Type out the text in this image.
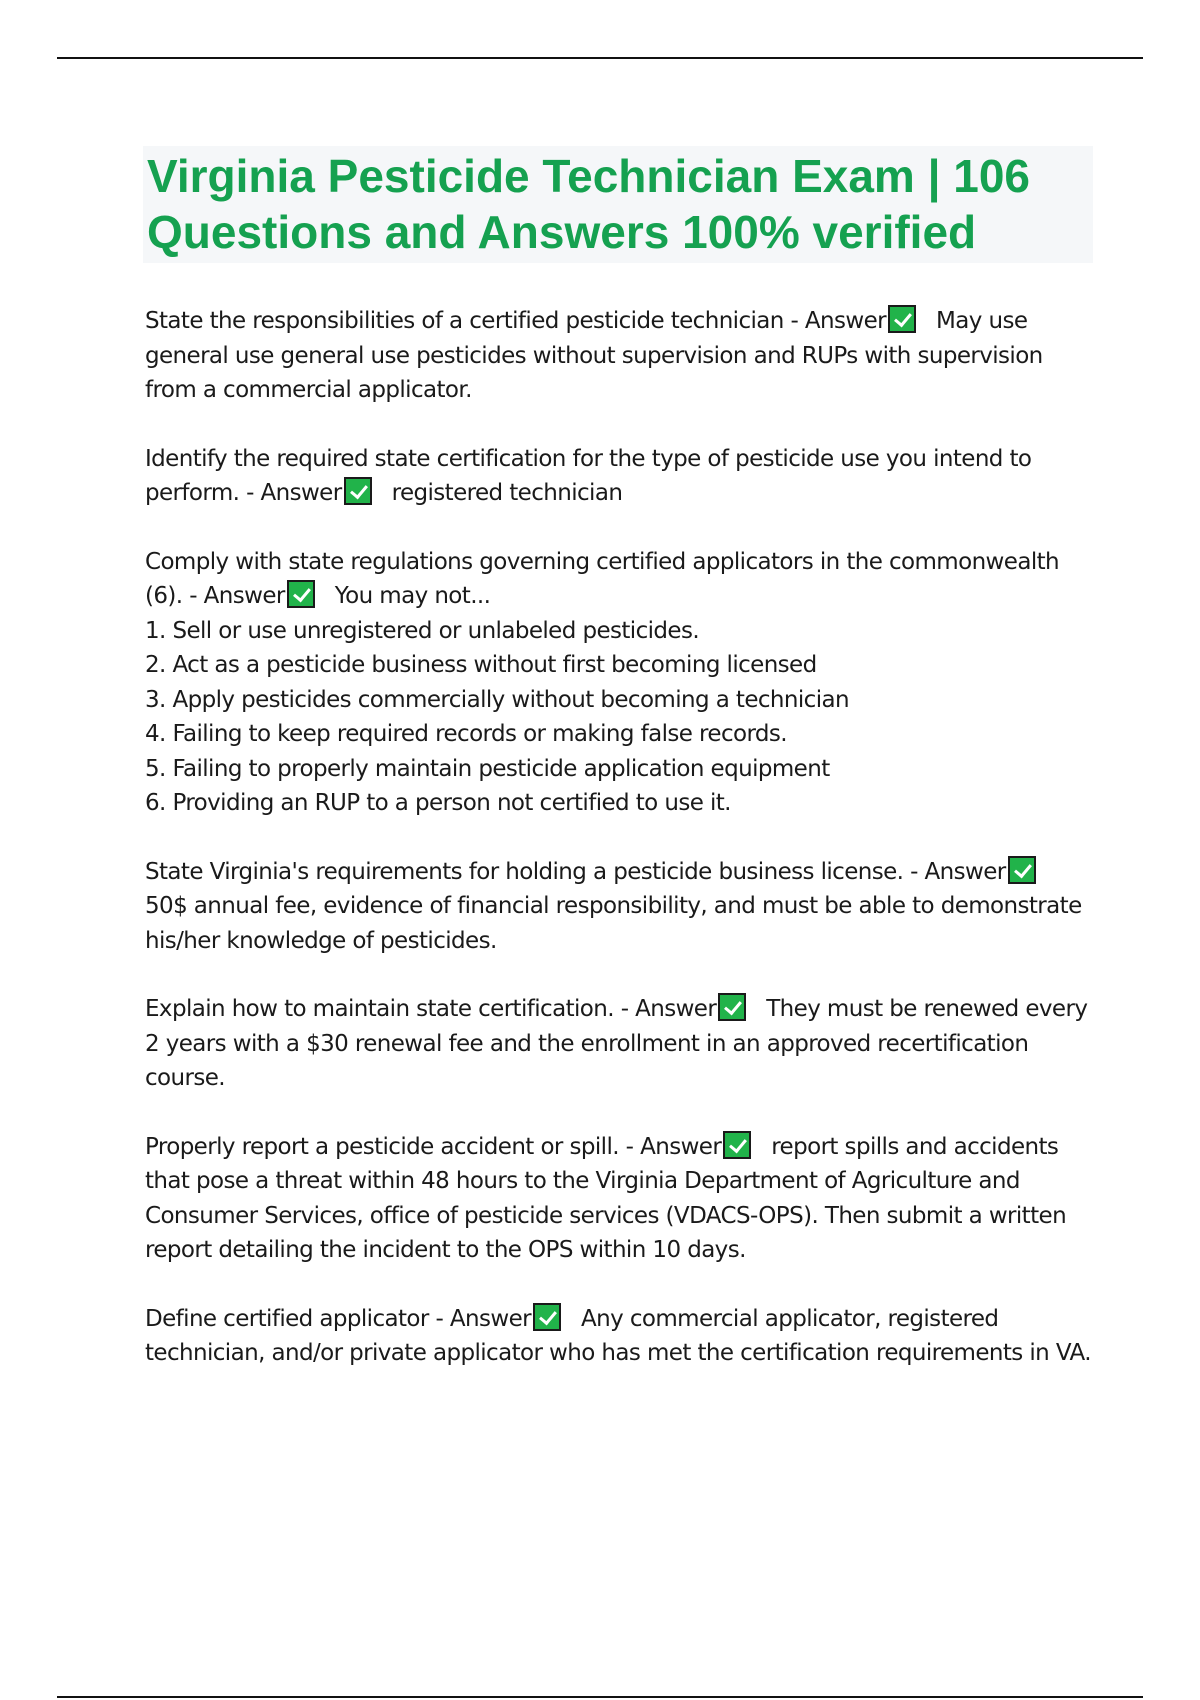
Virginia Pesticide Technician Exam | 106 Questions and Answers 100% verified

State the responsibilities of a certified pesticide technician - Answer May use general use general use pesticides without supervision and RUPs with supervision from a commercial applicator.

Identify the required state certification for the type of pesticide use you intend to perform. - Answer registered technician

Comply with state regulations governing certified applicators in the commonwealth (6). - Answer You may not...
1. Sell or use unregistered or unlabeled pesticides.
2. Act as a pesticide business without first becoming licensed
3. Apply pesticides commercially without becoming a technician
4. Failing to keep required records or making false records.
5. Failing to properly maintain pesticide application equipment
6. Providing an RUP to a person not certified to use it.

State Virginia's requirements for holding a pesticide business license. - Answer50$ annual fee, evidence of financial responsibility, and must be able to demonstrate his/her knowledge of pesticides.

Explain how to maintain state certification. - Answer They must be renewed every 2 years with a $30 renewal fee and the enrollment in an approved recertification course.

Properly report a pesticide accident or spill. - Answer report spills and accidents that pose a threat within 48 hours to the Virginia Department of Agriculture and Consumer Services, office of pesticide services (VDACS-OPS). Then submit a written report detailing the incident to the OPS within 10 days.

Define certified applicator - Answer Any commercial applicator, registered technician, and/or private applicator who has met the certification requirements in VA.
